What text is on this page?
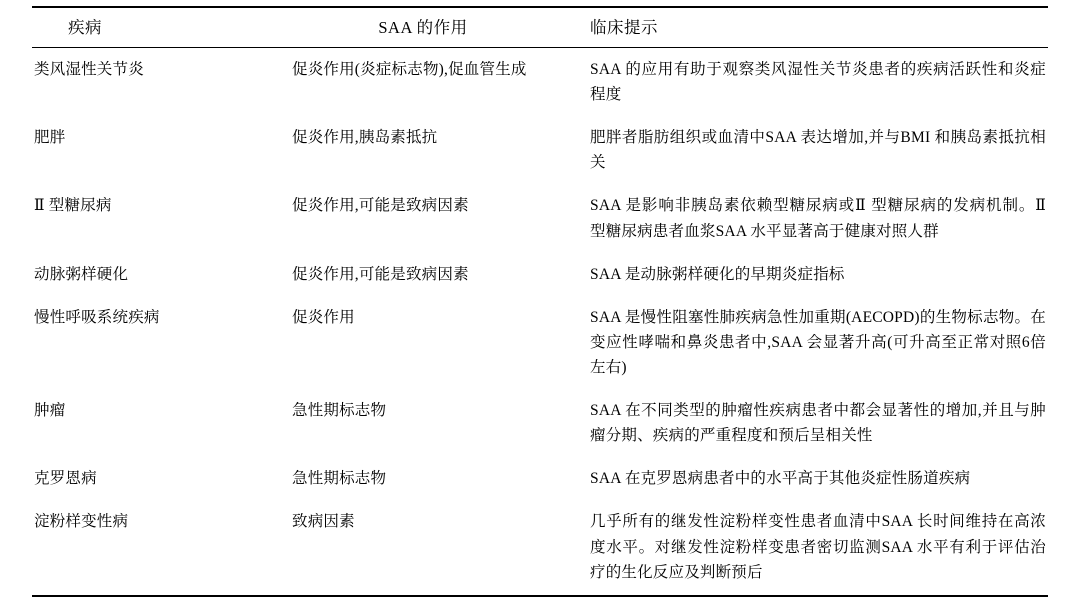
疾病	SAA 的作用	临床提示
类风湿性关节炎	促炎作用(炎症标志物),促血管生成	SAA 的应用有助于观察类风湿性关节炎患者的疾病活跃性和炎症程度
肥胖	促炎作用,胰岛素抵抗	肥胖者脂肪组织或血清中SAA 表达增加,并与BMI 和胰岛素抵抗相关
Ⅱ 型糖尿病	促炎作用,可能是致病因素	SAA 是影响非胰岛素依赖型糖尿病或Ⅱ 型糖尿病的发病机制。Ⅱ 型糖尿病患者血浆SAA 水平显著高于健康对照人群
动脉粥样硬化	促炎作用,可能是致病因素	SAA 是动脉粥样硬化的早期炎症指标
慢性呼吸系统疾病	促炎作用	SAA 是慢性阻塞性肺疾病急性加重期(AECOPD)的生物标志物。在变应性哮喘和鼻炎患者中,SAA 会显著升高(可升高至正常对照6倍左右)
肿瘤	急性期标志物	SAA 在不同类型的肿瘤性疾病患者中都会显著性的增加,并且与肿瘤分期、疾病的严重程度和预后呈相关性
克罗恩病	急性期标志物	SAA 在克罗恩病患者中的水平高于其他炎症性肠道疾病
淀粉样变性病	致病因素	几乎所有的继发性淀粉样变性患者血清中SAA 长时间维持在高浓度水平。对继发性淀粉样变患者密切监测SAA 水平有利于评估治疗的生化反应及判断预后
